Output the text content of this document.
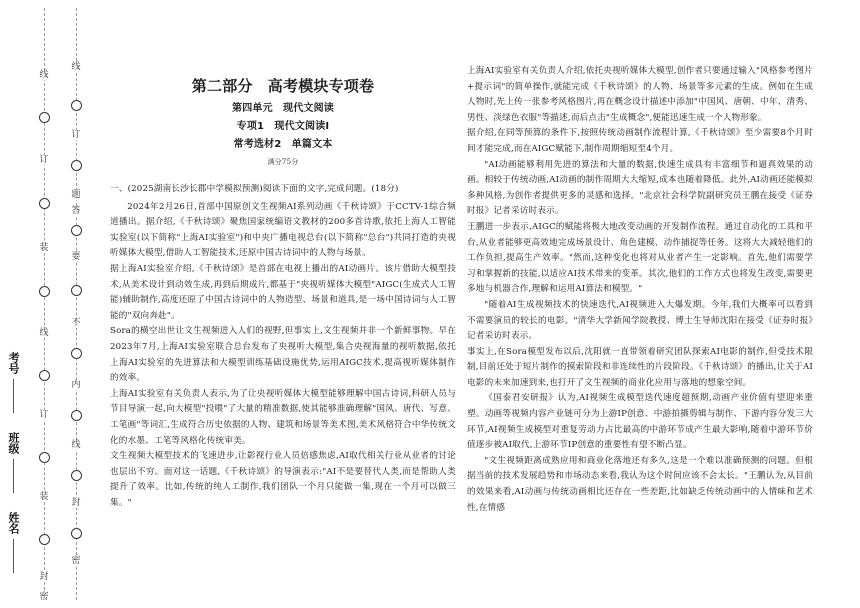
线
订
装
线
订
装
封
密
线
订
题
答
要
不
内
线
封
密
考号
班级
姓名
第二部分　高考模块专项卷
第四单元　现代文阅读
专项1　现代文阅读Ⅰ
常考选材2　单篇文本
满分75分

一、(2025湖南长沙长郡中学模拟预测)阅读下面的文字,完成问题。(18分)

2024年2月26日,首部中国原创文生视频AI系列动画《千秋诗颂》于CCTV-1综合频道播出。据介绍,《千秋诗颂》聚焦国家统编语文教材的200多首诗歌,依托上海人工智能实验室(以下简称"上海AI实验室")和中央广播电视总台(以下简称"总台")共同打造的央视听媒体大模型,借助人工智能技术,还原中国古诗词中的人物与场景。

据上海AI实验室介绍,《千秋诗颂》是首部在电视上播出的AI动画片。该片借助大模型技术,从美术设计到动效生成,再到后期成片,都基于"央视听媒体大模型"AIGC(生成式人工智能)辅助制作,高度还原了中国古诗词中的人物造型、场景和道具,是一场中国诗词与人工智能的"双向奔赴"。

Sora的横空出世让文生视频进入人们的视野,但事实上,文生视频并非一个新鲜事物。早在2023年7月,上海AI实验室联合总台发布了央视听大模型,集合央视海量的视听数据,依托上海AI实验室的先进算法和大模型训练基础设施优势,运用AIGC技术,提高视听媒体制作的效率。

上海AI实验室有关负责人表示,为了让央视听媒体大模型能够理解中国古诗词,科研人员与节目导演一起,向大模型"投喂"了大量的精准数据,使其能够准确理解"国风、唐代、写意、工笔画"等词汇,生成符合历史依据的人物、建筑和场景等美术图,美术风格符合中华传统文化的水墨、工笔等风格化传统审美。

文生视频大模型技术的飞速进步,让影视行业人员倍感焦虑,AI取代相关行业从业者的讨论也层出不穷。面对这一话题,《千秋诗颂》的导演表示:"AI不是要替代人类,而是帮助人类提升了效率。比如,传统的纯人工制作,我们团队一个月只能做一集,现在一个月可以做三集。"

上海AI实验室有关负责人介绍,依托央视听媒体大模型,创作者只要通过输入"风格参考图片+提示词"的简单操作,就能完成《千秋诗颂》的人物、场景等多元素的生成。例如在生成人物时,先上传一张参考风格图片,再在概念设计描述中添加"中国风、唐朝、中年、清秀、男性、淡绿色衣服"等描述,而后点击"生成概念",便能迅速生成一个人物形象。

据介绍,在同等预算的条件下,按照传统动画制作流程计算,《千秋诗颂》至少需要8个月时间才能完成,而在AIGC赋能下,制作周期缩短至4个月。

"AI动画能够利用先进的算法和大量的数据,快速生成具有丰富细节和逼真效果的动画。相较于传统动画,AI动画的制作周期大大缩短,成本也随着降低。此外,AI动画还能模拟多种风格,为创作者提供更多的灵感和选择。"北京社会科学院副研究员王鹏在接受《证券时报》记者采访时表示。

王鹏进一步表示,AIGC的赋能将极大地改变动画的开发制作流程。通过自动化的工具和平台,从业者能够更高效地完成场景设计、角色建模、动作捕捉等任务。这将大大减轻他们的工作负担,提高生产效率。"然而,这种变化也将对从业者产生一定影响。首先,他们需要学习和掌握新的技能,以适应AI技术带来的变革。其次,他们的工作方式也将发生改变,需要更多地与机器合作,理解和运用AI算法和模型。"

"随着AI生成视频技术的快速迭代,AI视频进入大爆发期。今年,我们大概率可以看到不需要演员的较长的电影。"清华大学新闻学院教授、博士生导师沈阳在接受《证券时报》记者采访时表示。

事实上,在Sora模型发布以后,沈阳就一直带领着研究团队探索AI电影的制作,但受技术限制,目前还处于短片制作的摸索阶段和非连续性的片段阶段。《千秋诗颂》的播出,让关于AI电影的未来加速到来,也打开了文生视频的商业化应用与落地的想象空间。

《国泰君安研报》认为,AI视频生成模型迭代速度超预期,动画产业价值有望迎来重塑。动画等视频内容产业链可分为上游IP创意、中游拍摄剪辑与制作、下游内容分发三大环节,AI视频生成模型对重复劳动力占比最高的中游环节成产生最大影响,随着中游环节价值逐步被AI取代,上游环节IP创意的重要性有望不断凸显。

"文生视频距离成熟应用和商业化落地还有多久,这是一个难以准确预测的问题。但根据当前的技术发展趋势和市场动态来看,我认为这个时间应该不会太长。"王鹏认为,从目前的效果来看,AI动画与传统动画相比还存在一些差距,比如缺乏传统动画中的人情味和艺术性,在情感
